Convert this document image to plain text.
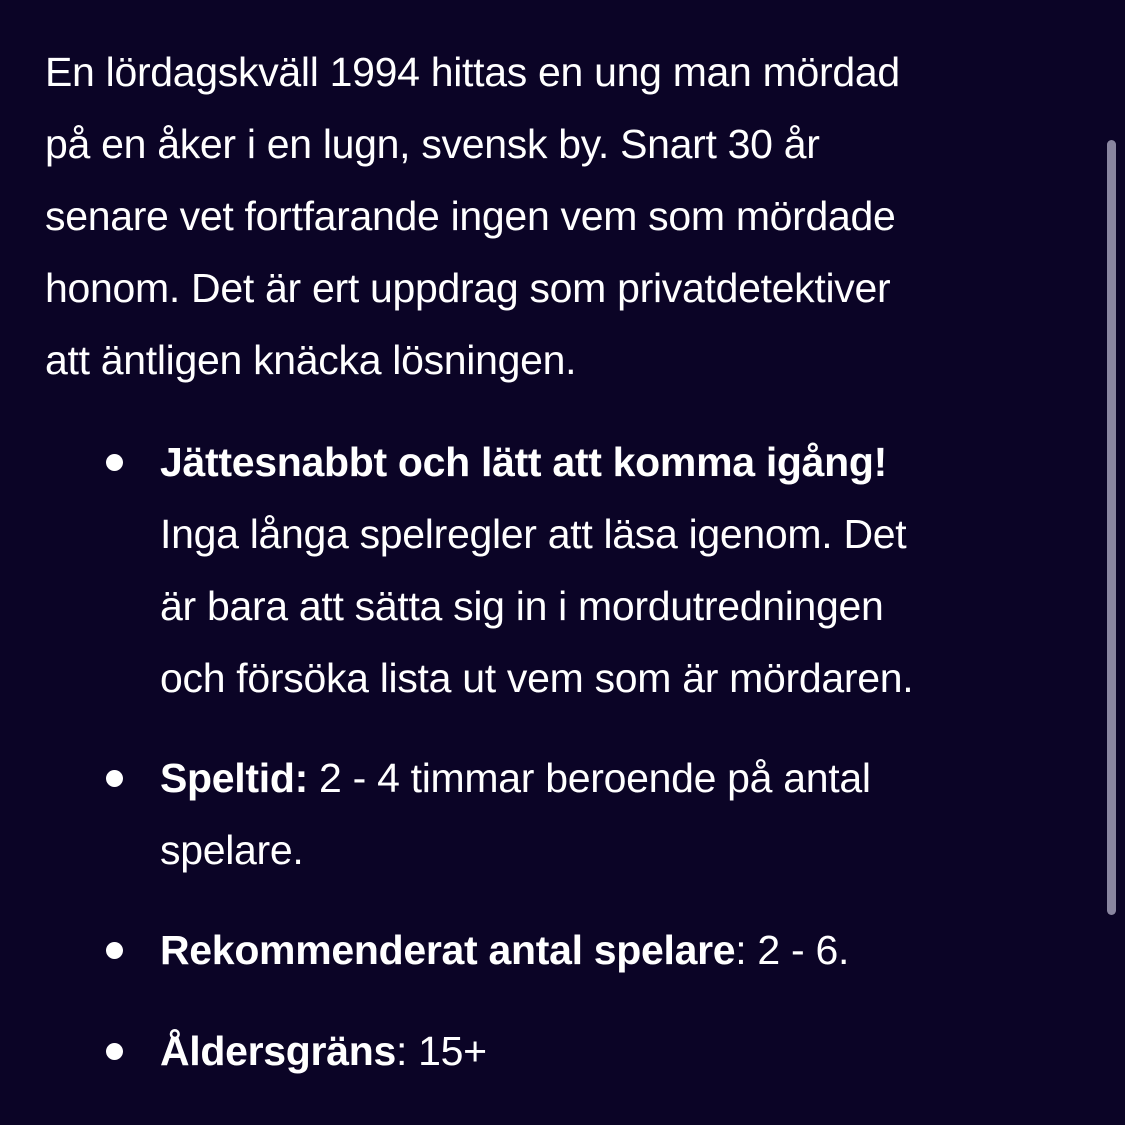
En lördagskväll 1994 hittas en ung man mördad
på en åker i en lugn, svensk by. Snart 30 år
senare vet fortfarande ingen vem som mördade
honom. Det är ert uppdrag som privatdetektiver
att äntligen knäcka lösningen.
Jättesnabbt och lätt att komma igång!
Inga långa spelregler att läsa igenom. Det
är bara att sätta sig in i mordutredningen
och försöka lista ut vem som är mördaren.
Speltid: 2 - 4 timmar beroende på antal
spelare.
Rekommenderat antal spelare: 2 - 6.
Åldersgräns: 15+
